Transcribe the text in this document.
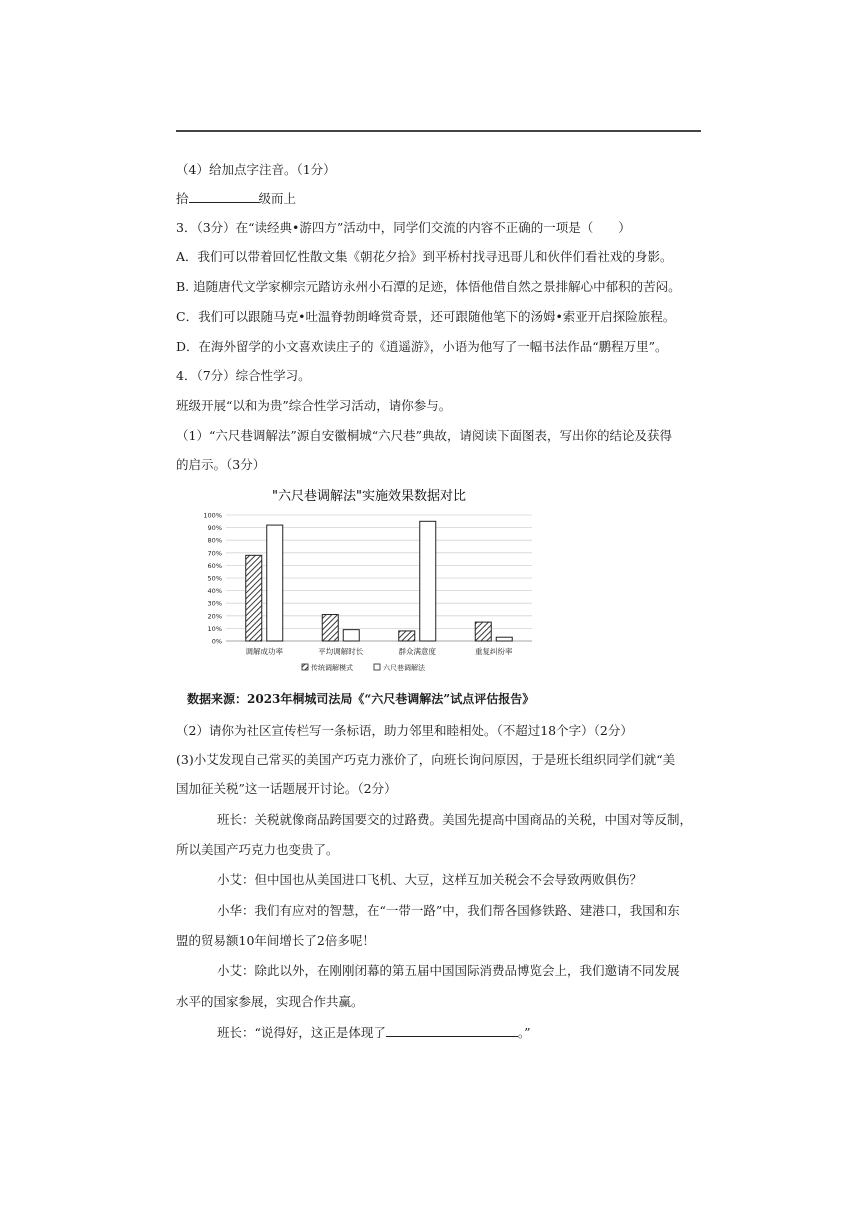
（4）给加点字注音。（1分）
拾	级而上
3．（3分）在“读经典•游四方”活动中，同学们交流的内容不正确的一项是（　　）
A．我们可以带着回忆性散文集《朝花夕拾》到平桥村找寻迅哥儿和伙伴们看社戏的身影。
B. 追随唐代文学家柳宗元踏访永州小石潭的足迹，体悟他借自然之景排解心中郁积的苦闷。
C．我们可以跟随马克•吐温脊勃朗峰赏奇景，还可跟随他笔下的汤姆•索亚开启探险旅程。
D．在海外留学的小文喜欢读庄子的《逍遥游》，小语为他写了一幅书法作品“鹏程万里”。
4．（7分）综合性学习。
班级开展“以和为贵”综合性学习活动，请你参与。
（1）“六尺巷调解法”源自安徽桐城“六尺巷”典故，请阅读下面图表，写出你的结论及获得
的启示。（3分）
"六尺巷调解法"实施效果数据对比
0%
10%
20%
30%
40%
50%
60%
70%
80%
90%
100%
调解成功率	平均调解时长	群众满意度	重复纠纷率
传统调解模式	六尺巷调解法
数据来源：2023年桐城司法局《“六尺巷调解法”试点评估报告》
（2）请你为社区宣传栏写一条标语，助力邻里和睦相处。（不超过18个字）（2分）
(3)小艾发现自己常买的美国产巧克力涨价了，向班长询问原因，于是班长组织同学们就“美
国加征关税”这一话题展开讨论。（2分）
班长：关税就像商品跨国要交的过路费。美国先提高中国商品的关税，中国对等反制，
所以美国产巧克力也变贵了。
小艾：但中国也从美国进口飞机、大豆，这样互加关税会不会导致两败俱伤？
小华：我们有应对的智慧，在“一带一路”中，我们帮各国修铁路、建港口，我国和东
盟的贸易额10年间增长了2倍多呢！
小艾：除此以外，在刚刚闭幕的第五届中国国际消费品博览会上，我们邀请不同发展
水平的国家参展，实现合作共赢。
班长：“说得好，这正是体现了	。”
